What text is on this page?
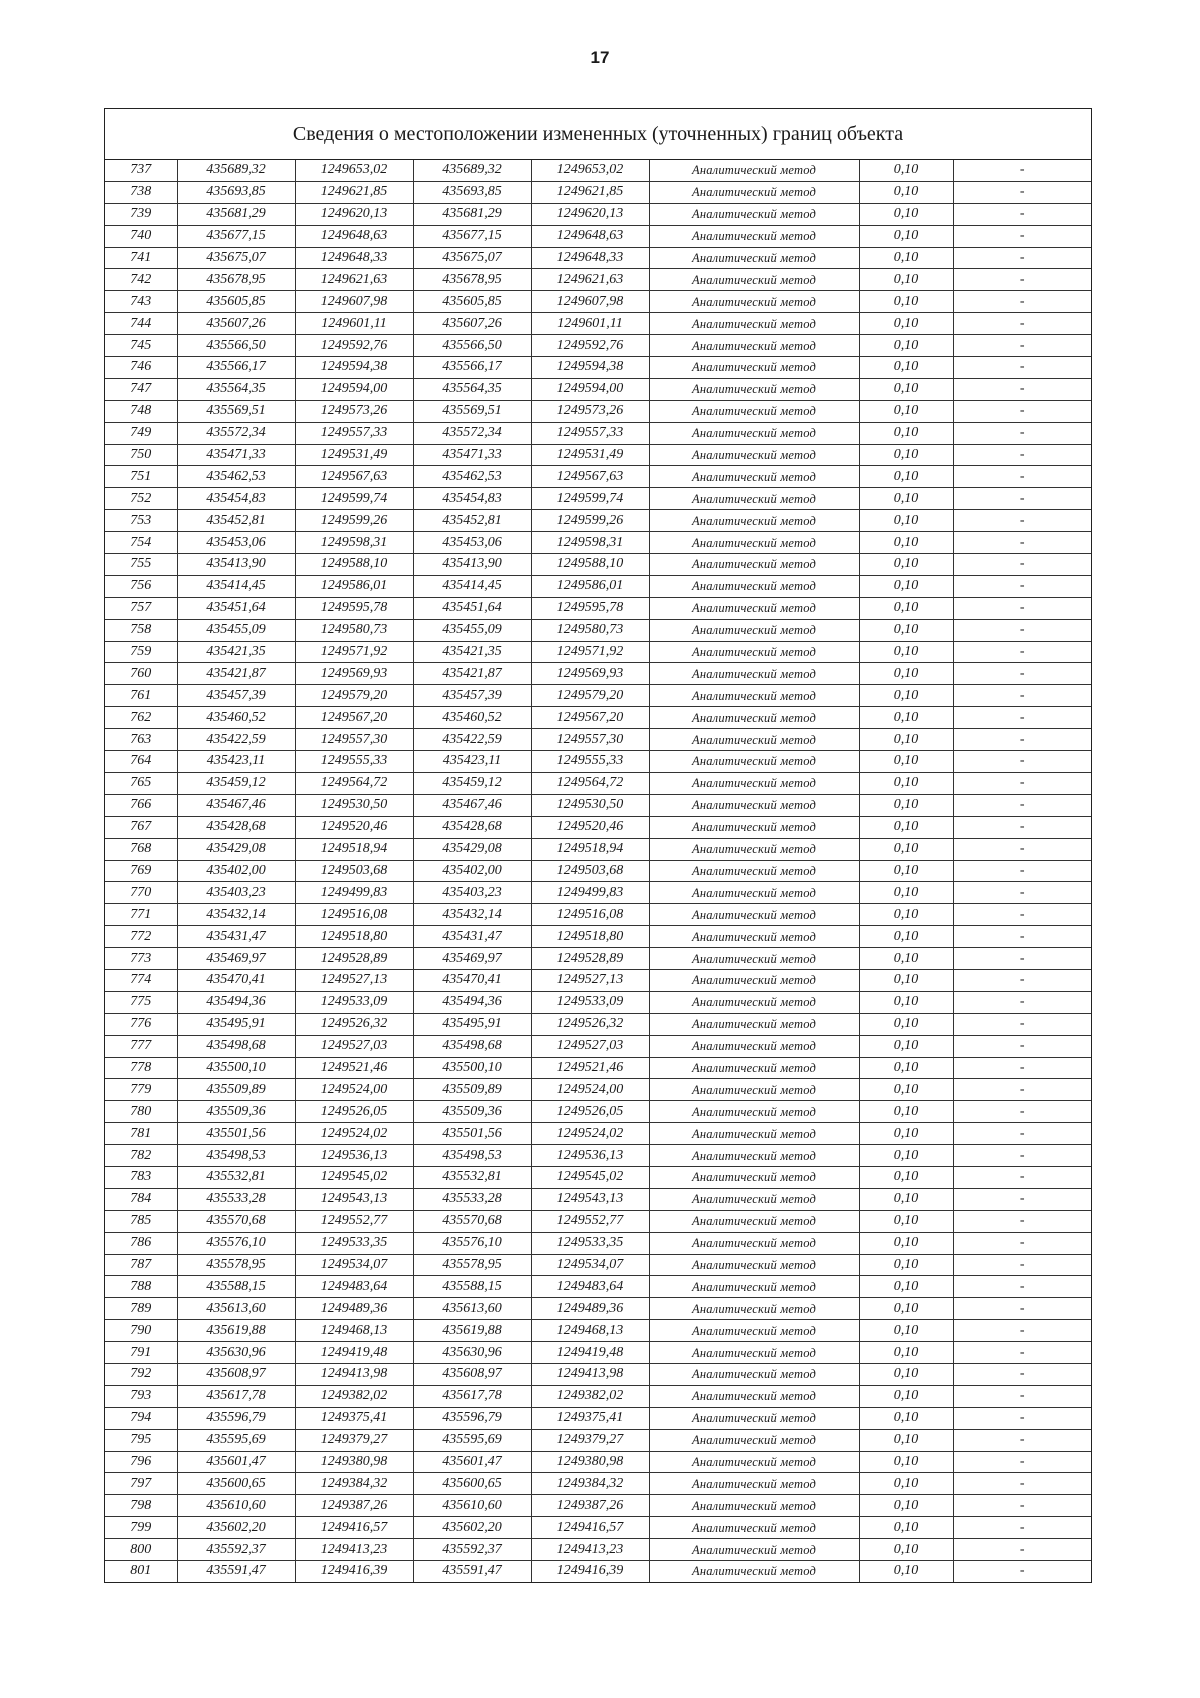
17
Сведения о местоположении измененных (уточненных) границ объекта
737	435689,32	1249653,02	435689,32	1249653,02	Аналитический метод	0,10	-
738	435693,85	1249621,85	435693,85	1249621,85	Аналитический метод	0,10	-
739	435681,29	1249620,13	435681,29	1249620,13	Аналитический метод	0,10	-
740	435677,15	1249648,63	435677,15	1249648,63	Аналитический метод	0,10	-
741	435675,07	1249648,33	435675,07	1249648,33	Аналитический метод	0,10	-
742	435678,95	1249621,63	435678,95	1249621,63	Аналитический метод	0,10	-
743	435605,85	1249607,98	435605,85	1249607,98	Аналитический метод	0,10	-
744	435607,26	1249601,11	435607,26	1249601,11	Аналитический метод	0,10	-
745	435566,50	1249592,76	435566,50	1249592,76	Аналитический метод	0,10	-
746	435566,17	1249594,38	435566,17	1249594,38	Аналитический метод	0,10	-
747	435564,35	1249594,00	435564,35	1249594,00	Аналитический метод	0,10	-
748	435569,51	1249573,26	435569,51	1249573,26	Аналитический метод	0,10	-
749	435572,34	1249557,33	435572,34	1249557,33	Аналитический метод	0,10	-
750	435471,33	1249531,49	435471,33	1249531,49	Аналитический метод	0,10	-
751	435462,53	1249567,63	435462,53	1249567,63	Аналитический метод	0,10	-
752	435454,83	1249599,74	435454,83	1249599,74	Аналитический метод	0,10	-
753	435452,81	1249599,26	435452,81	1249599,26	Аналитический метод	0,10	-
754	435453,06	1249598,31	435453,06	1249598,31	Аналитический метод	0,10	-
755	435413,90	1249588,10	435413,90	1249588,10	Аналитический метод	0,10	-
756	435414,45	1249586,01	435414,45	1249586,01	Аналитический метод	0,10	-
757	435451,64	1249595,78	435451,64	1249595,78	Аналитический метод	0,10	-
758	435455,09	1249580,73	435455,09	1249580,73	Аналитический метод	0,10	-
759	435421,35	1249571,92	435421,35	1249571,92	Аналитический метод	0,10	-
760	435421,87	1249569,93	435421,87	1249569,93	Аналитический метод	0,10	-
761	435457,39	1249579,20	435457,39	1249579,20	Аналитический метод	0,10	-
762	435460,52	1249567,20	435460,52	1249567,20	Аналитический метод	0,10	-
763	435422,59	1249557,30	435422,59	1249557,30	Аналитический метод	0,10	-
764	435423,11	1249555,33	435423,11	1249555,33	Аналитический метод	0,10	-
765	435459,12	1249564,72	435459,12	1249564,72	Аналитический метод	0,10	-
766	435467,46	1249530,50	435467,46	1249530,50	Аналитический метод	0,10	-
767	435428,68	1249520,46	435428,68	1249520,46	Аналитический метод	0,10	-
768	435429,08	1249518,94	435429,08	1249518,94	Аналитический метод	0,10	-
769	435402,00	1249503,68	435402,00	1249503,68	Аналитический метод	0,10	-
770	435403,23	1249499,83	435403,23	1249499,83	Аналитический метод	0,10	-
771	435432,14	1249516,08	435432,14	1249516,08	Аналитический метод	0,10	-
772	435431,47	1249518,80	435431,47	1249518,80	Аналитический метод	0,10	-
773	435469,97	1249528,89	435469,97	1249528,89	Аналитический метод	0,10	-
774	435470,41	1249527,13	435470,41	1249527,13	Аналитический метод	0,10	-
775	435494,36	1249533,09	435494,36	1249533,09	Аналитический метод	0,10	-
776	435495,91	1249526,32	435495,91	1249526,32	Аналитический метод	0,10	-
777	435498,68	1249527,03	435498,68	1249527,03	Аналитический метод	0,10	-
778	435500,10	1249521,46	435500,10	1249521,46	Аналитический метод	0,10	-
779	435509,89	1249524,00	435509,89	1249524,00	Аналитический метод	0,10	-
780	435509,36	1249526,05	435509,36	1249526,05	Аналитический метод	0,10	-
781	435501,56	1249524,02	435501,56	1249524,02	Аналитический метод	0,10	-
782	435498,53	1249536,13	435498,53	1249536,13	Аналитический метод	0,10	-
783	435532,81	1249545,02	435532,81	1249545,02	Аналитический метод	0,10	-
784	435533,28	1249543,13	435533,28	1249543,13	Аналитический метод	0,10	-
785	435570,68	1249552,77	435570,68	1249552,77	Аналитический метод	0,10	-
786	435576,10	1249533,35	435576,10	1249533,35	Аналитический метод	0,10	-
787	435578,95	1249534,07	435578,95	1249534,07	Аналитический метод	0,10	-
788	435588,15	1249483,64	435588,15	1249483,64	Аналитический метод	0,10	-
789	435613,60	1249489,36	435613,60	1249489,36	Аналитический метод	0,10	-
790	435619,88	1249468,13	435619,88	1249468,13	Аналитический метод	0,10	-
791	435630,96	1249419,48	435630,96	1249419,48	Аналитический метод	0,10	-
792	435608,97	1249413,98	435608,97	1249413,98	Аналитический метод	0,10	-
793	435617,78	1249382,02	435617,78	1249382,02	Аналитический метод	0,10	-
794	435596,79	1249375,41	435596,79	1249375,41	Аналитический метод	0,10	-
795	435595,69	1249379,27	435595,69	1249379,27	Аналитический метод	0,10	-
796	435601,47	1249380,98	435601,47	1249380,98	Аналитический метод	0,10	-
797	435600,65	1249384,32	435600,65	1249384,32	Аналитический метод	0,10	-
798	435610,60	1249387,26	435610,60	1249387,26	Аналитический метод	0,10	-
799	435602,20	1249416,57	435602,20	1249416,57	Аналитический метод	0,10	-
800	435592,37	1249413,23	435592,37	1249413,23	Аналитический метод	0,10	-
801	435591,47	1249416,39	435591,47	1249416,39	Аналитический метод	0,10	-
